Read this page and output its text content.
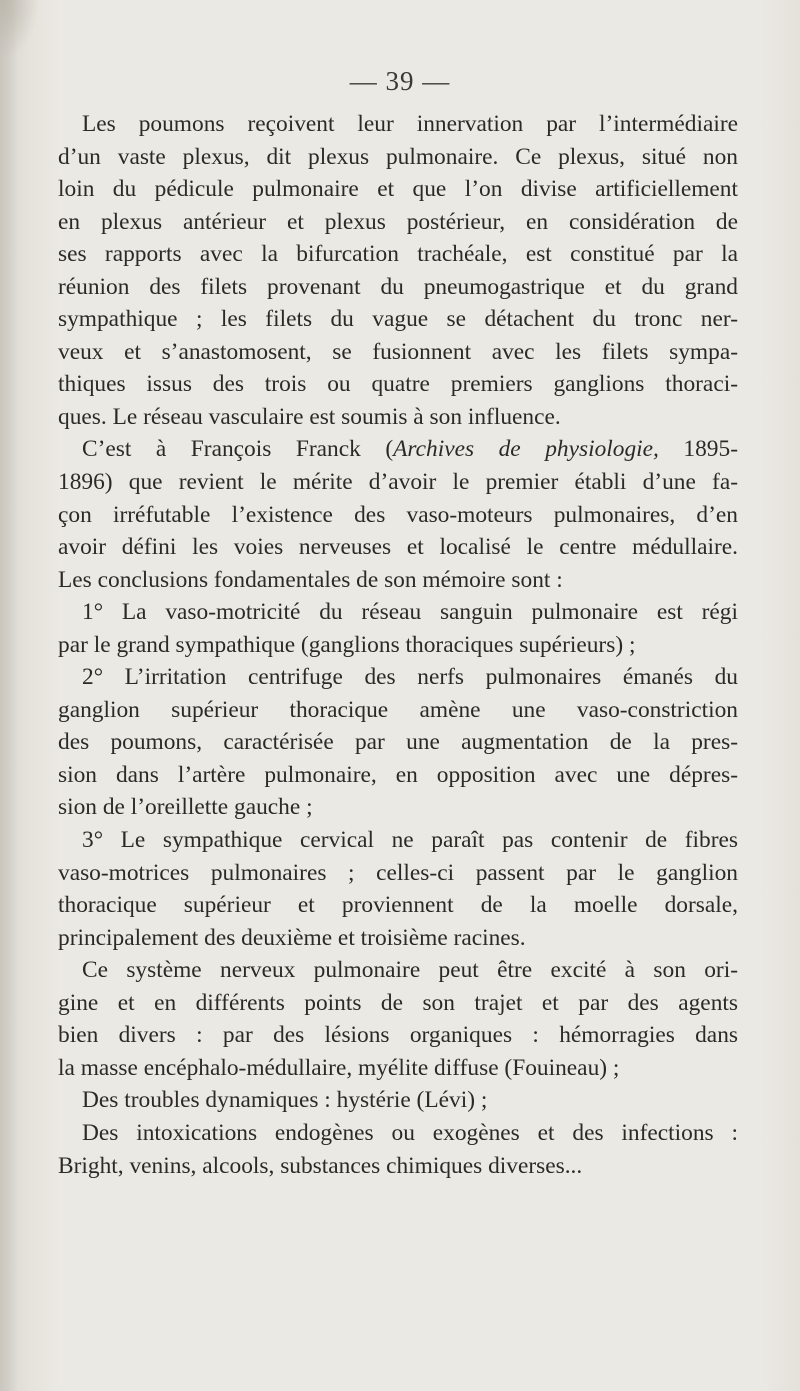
— 39 —

Les poumons reçoivent leur innervation par l’intermédiaire

d’un vaste plexus, dit plexus pulmonaire. Ce plexus, situé non

loin du pédicule pulmonaire et que l’on divise artificiellement

en plexus antérieur et plexus postérieur, en considération de

ses rapports avec la bifurcation trachéale, est constitué par la

réunion des filets provenant du pneumogastrique et du grand

sympathique ; les filets du vague se détachent du tronc ner-

veux et s’anastomosent, se fusionnent avec les filets sympa-

thiques issus des trois ou quatre premiers ganglions thoraci-

ques. Le réseau vasculaire est soumis à son influence.

C’est à François Franck (Archives de physiologie, 1895-

1896) que revient le mérite d’avoir le premier établi d’une fa-

çon irréfutable l’existence des vaso-moteurs pulmonaires, d’en

avoir défini les voies nerveuses et localisé le centre médullaire.

Les conclusions fondamentales de son mémoire sont :

1° La vaso-motricité du réseau sanguin pulmonaire est régi

par le grand sympathique (ganglions thoraciques supérieurs) ;

2° L’irritation centrifuge des nerfs pulmonaires émanés du

ganglion supérieur thoracique amène une vaso-constriction

des poumons, caractérisée par une augmentation de la pres-

sion dans l’artère pulmonaire, en opposition avec une dépres-

sion de l’oreillette gauche ;

3° Le sympathique cervical ne paraît pas contenir de fibres

vaso-motrices pulmonaires ; celles-ci passent par le ganglion

thoracique supérieur et proviennent de la moelle dorsale,

principalement des deuxième et troisième racines.

Ce système nerveux pulmonaire peut être excité à son ori-

gine et en différents points de son trajet et par des agents

bien divers : par des lésions organiques : hémorragies dans

la masse encéphalo-médullaire, myélite diffuse (Fouineau) ;

Des troubles dynamiques : hystérie (Lévi) ;

Des intoxications endogènes ou exogènes et des infections :

Bright, venins, alcools, substances chimiques diverses...
